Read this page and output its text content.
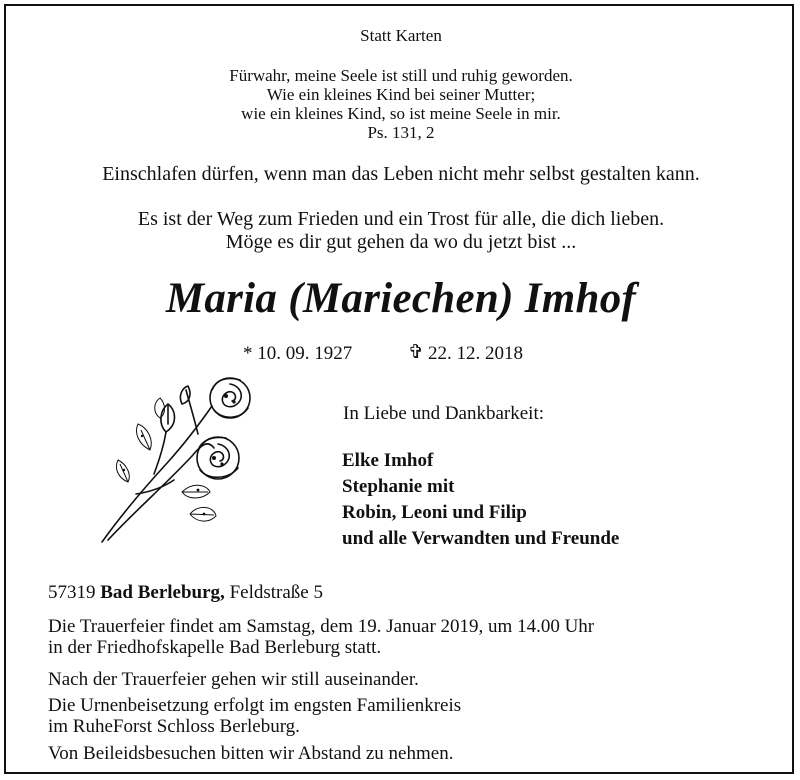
Statt Karten
Fürwahr, meine Seele ist still und ruhig geworden.
Wie ein kleines Kind bei seiner Mutter;
wie ein kleines Kind, so ist meine Seele in mir.
Ps. 131, 2
Einschlafen dürfen, wenn man das Leben nicht mehr selbst gestalten kann.
Es ist der Weg zum Frieden und ein Trost für alle, die dich lieben.
Möge es dir gut gehen da wo du jetzt bist ...
Maria (Mariechen) Imhof
* 10. 09. 1927	✞ 22. 12. 2018
In Liebe und Dankbarkeit:
Elke Imhof
Stephanie mit
Robin, Leoni und Filip
und alle Verwandten und Freunde
57319 Bad Berleburg, Feldstraße 5
Die Trauerfeier findet am Samstag, dem 19. Januar 2019, um 14.00 Uhr
in der Friedhofskapelle Bad Berleburg statt.
Nach der Trauerfeier gehen wir still auseinander.
Die Urnenbeisetzung erfolgt im engsten Familienkreis
im RuheForst Schloss Berleburg.
Von Beileidsbesuchen bitten wir Abstand zu nehmen.
